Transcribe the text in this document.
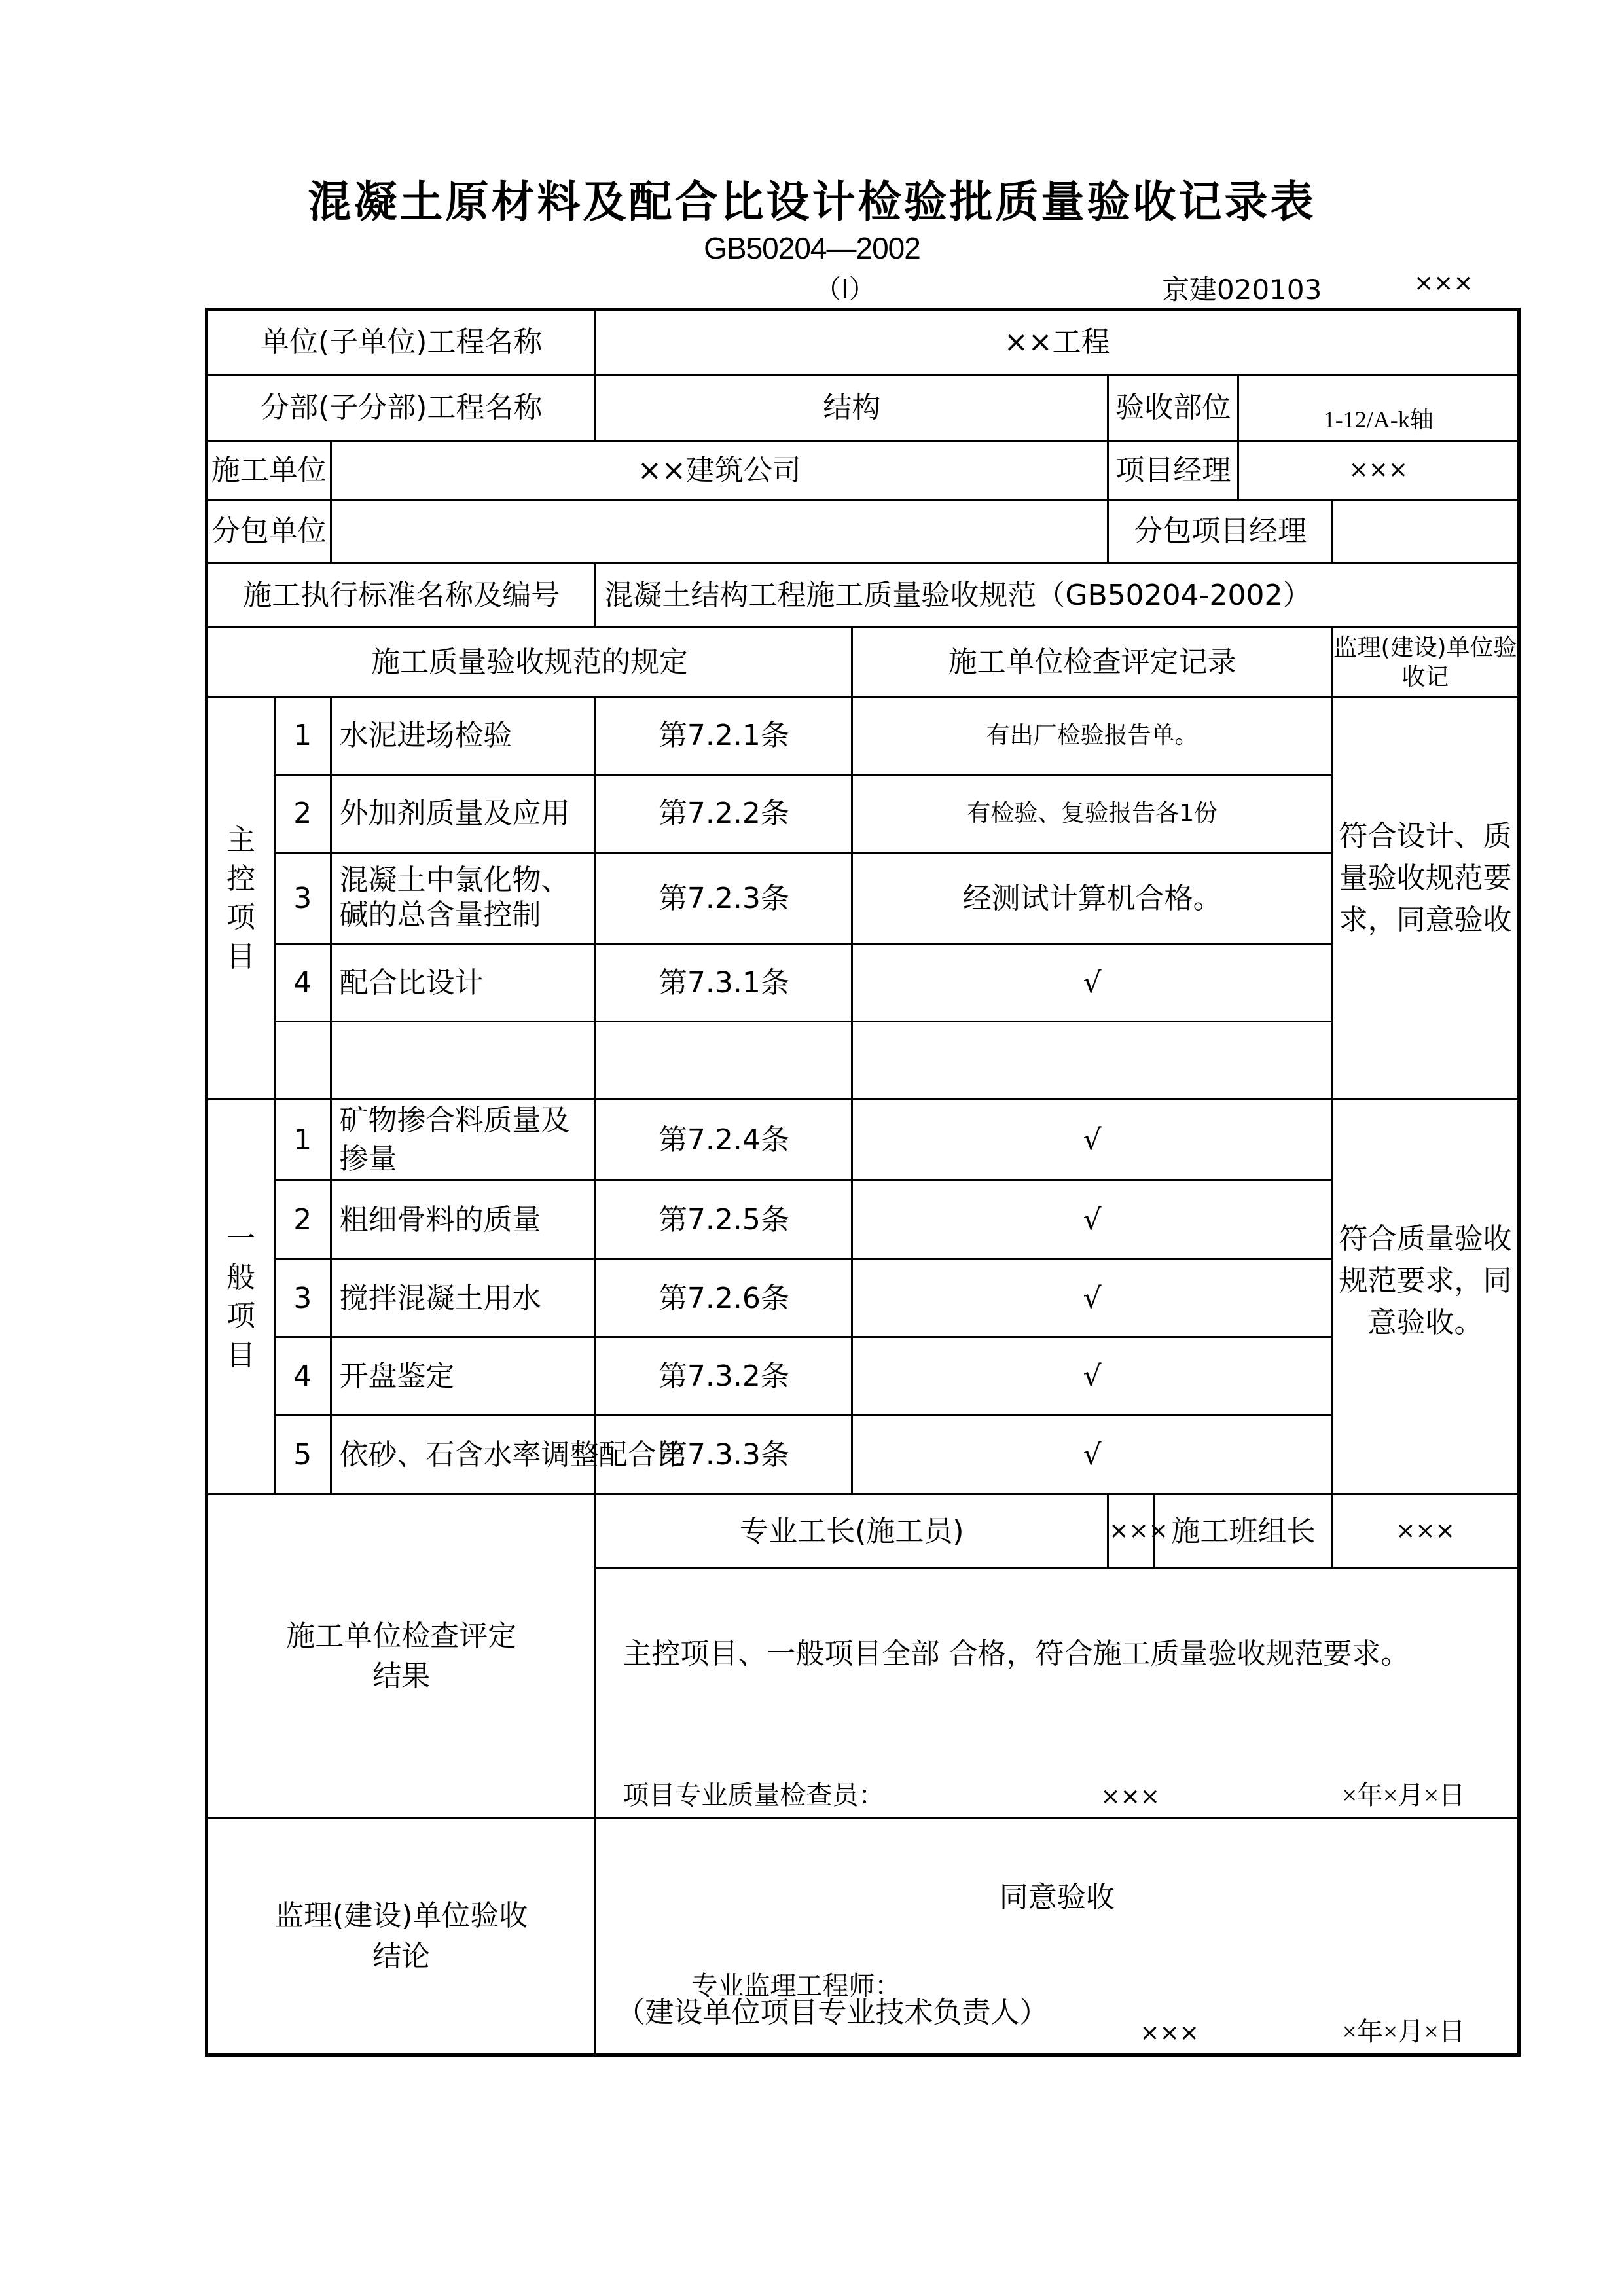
混凝土原材料及配合比设计检验批质量验收记录表
GB50204—2002
（Ⅰ）	京建020103	×××
单位(子单位)工程名称			××工程					
分部(子分部)工程名称			结构		验收部位		1-12/A-k轴	
施工单位		××建筑公司			项目经理		×××	
分包单位					分包项目经理			
施工执行标准名称及编号			混凝土结构工程施工质量验收规范（GB50204-2002）					
施工质量验收规范的规定				施工单位检查评定记录				监理(建设)单位验收记

主
控
项
目	1	水泥进场检验	第7.2.1条	有出厂检验报告单。				符合设计、质量验收规范要求，同意验收
	2	外加剂质量及应用	第7.2.2条	有检验、复验报告各1份				
	3	混凝土中氯化物、碱的总含量控制	第7.2.3条	经测试计算机合格。				
	4	配合比设计	第7.3.1条	√				

一
般
项
目	1	矿物掺合料质量及掺量	第7.2.4条	√				符合质量验收规范要求，同意验收。
	2	粗细骨料的质量	第7.2.5条	√				
	3	搅拌混凝土用水	第7.2.6条	√				
	4	开盘鉴定	第7.3.2条	√				
	5	依砂、石含水率调整配合比	第7.3.3条	√				
施工单位检查评定结果			专业工长(施工员)		×××	施工班组长		×××

			主控项目、一般项目全部 合格，符合施工质量验收规范要求。
项目专业质量检查员： ××× ×年×月×日					

监理(建设)单位验收结论			同意验收
专业监理工程师：
（建设单位项目专业技术负责人）
××× ×年×月×日					
